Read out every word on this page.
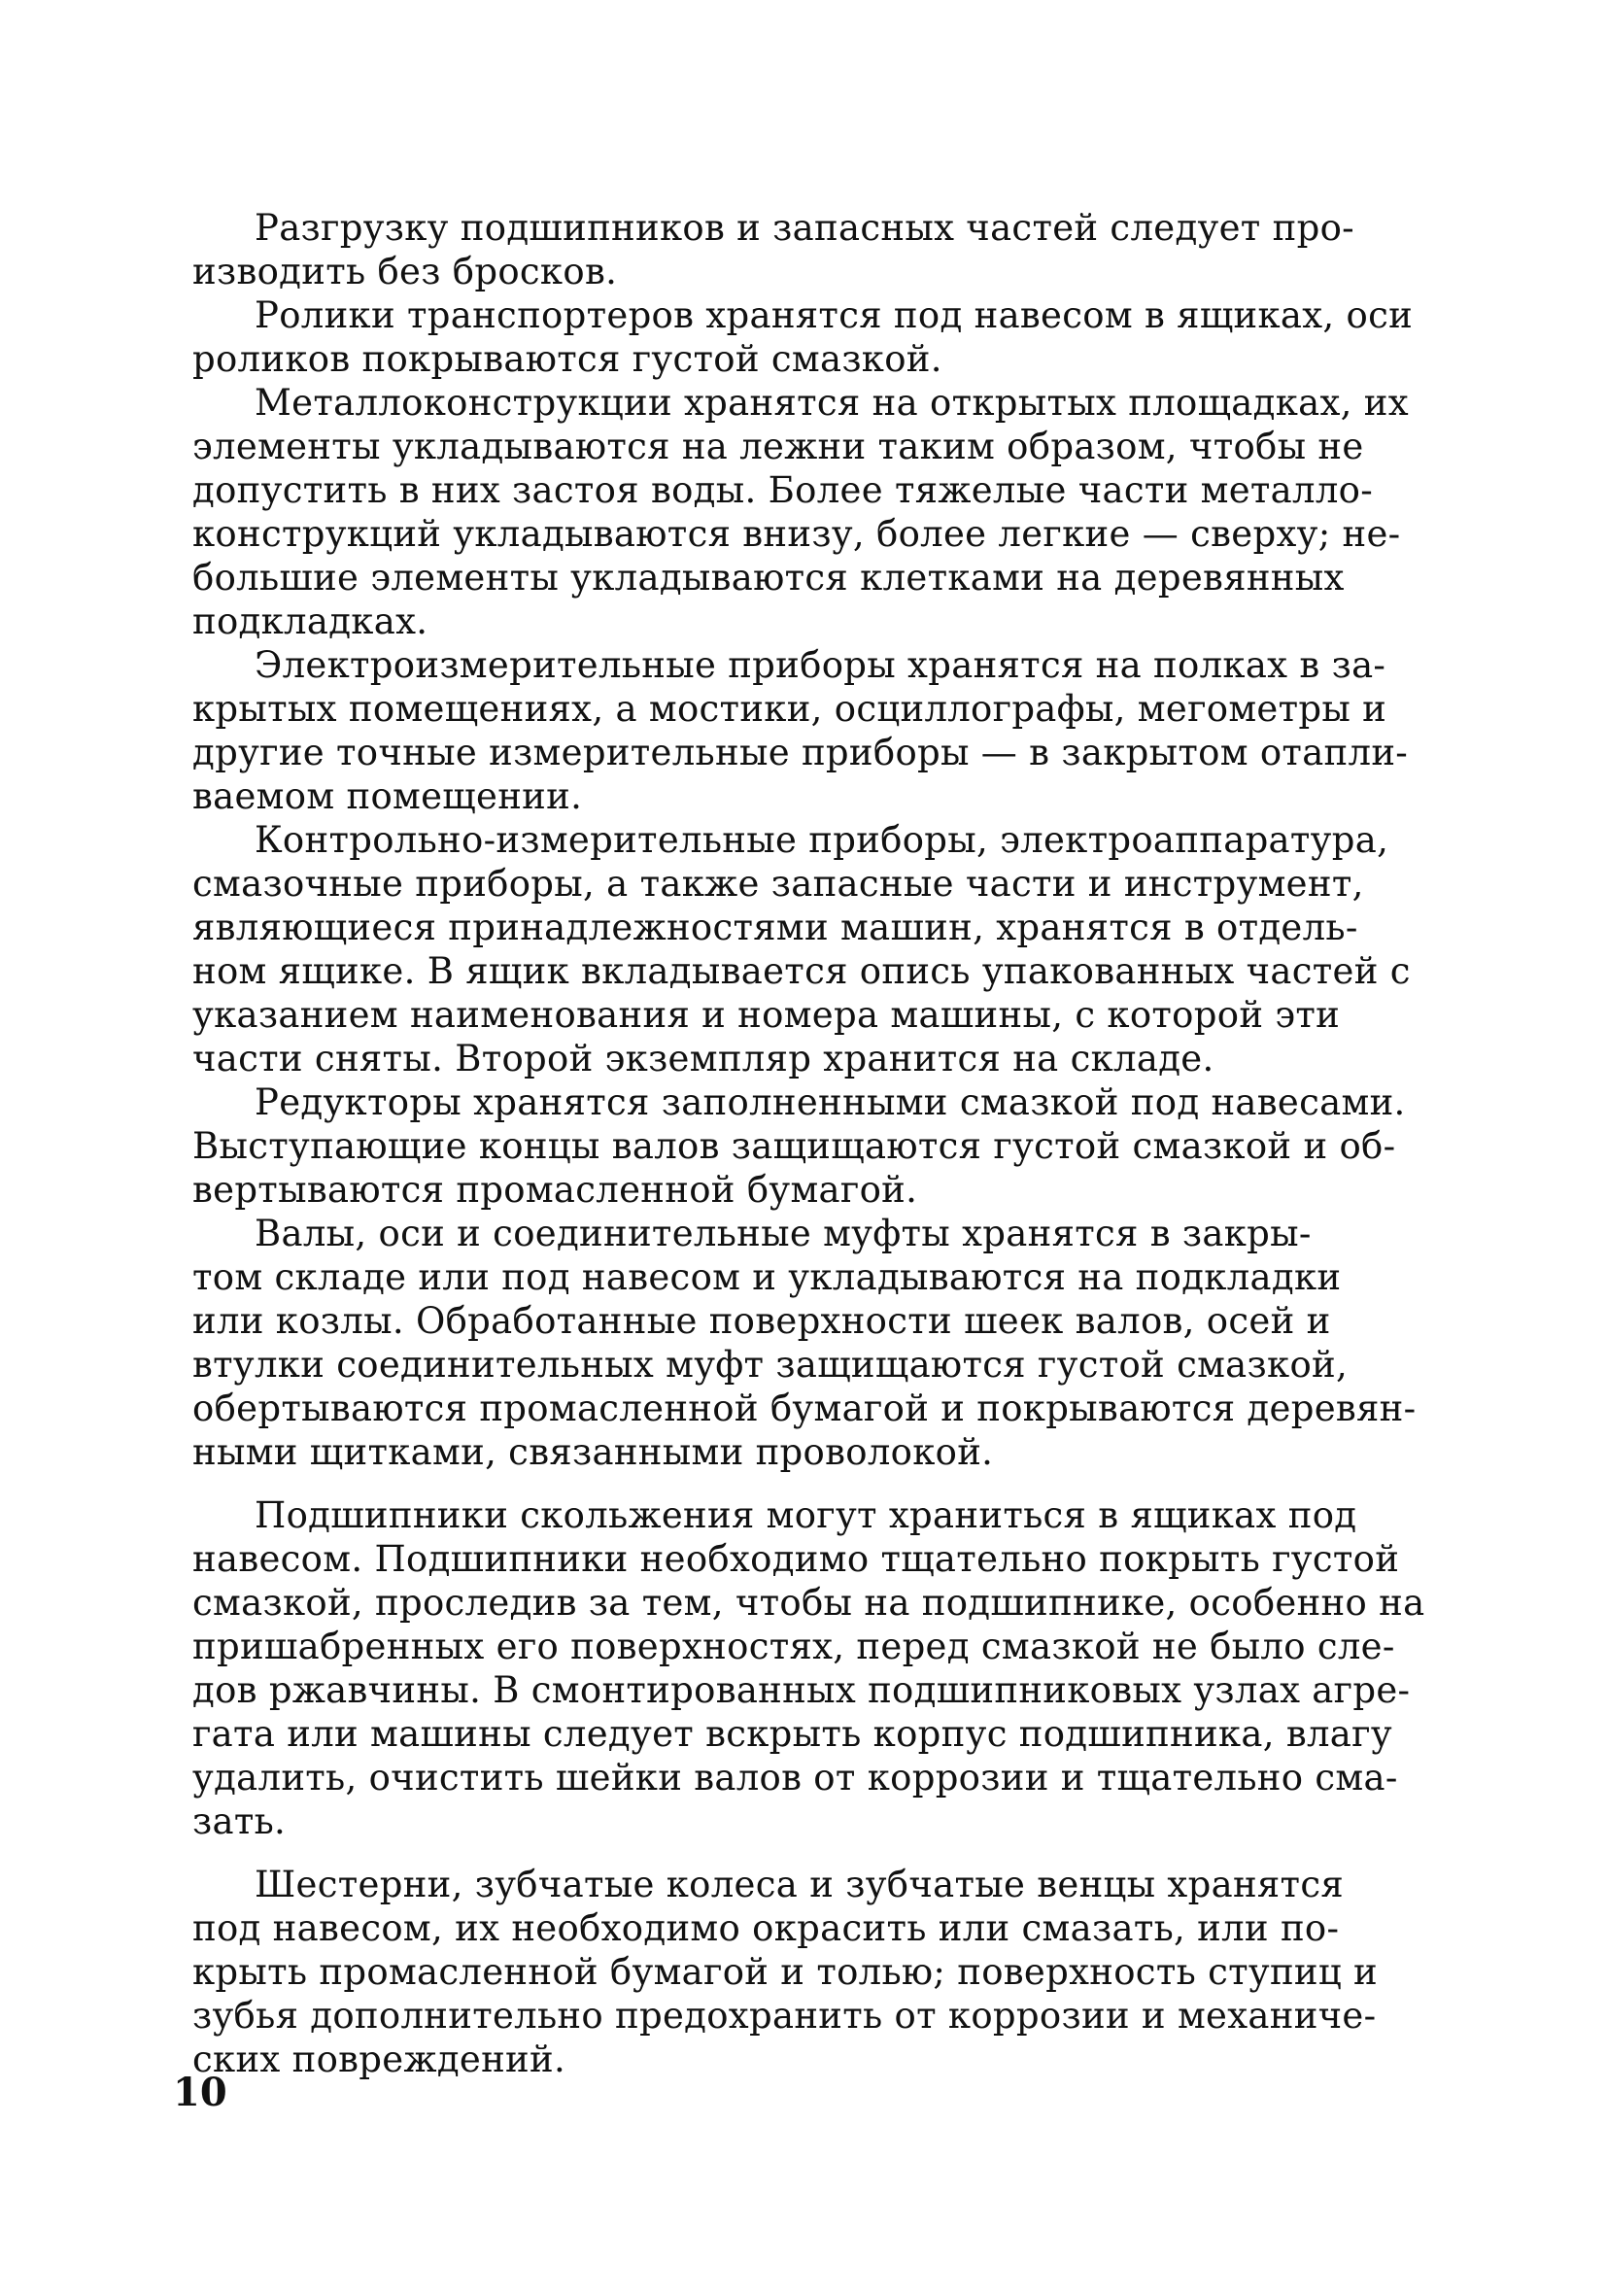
Разгрузку подшипников и запасных частей следует про-
изводить без бросков.

Ролики транспортеров хранятся под навесом в ящиках, оси
роликов покрываются густой смазкой.

Металлоконструкции хранятся на открытых площадках, их
элементы укладываются на лежни таким образом, чтобы не
допустить в них застоя воды. Более тяжелые части металло-
конструкций укладываются внизу, более легкие — сверху; не-
большие элементы укладываются клетками на деревянных
подкладках.

Электроизмерительные приборы хранятся на полках в за-
крытых помещениях, а мостики, осциллографы, мегометры и
другие точные измерительные приборы — в закрытом отапли-
ваемом помещении.

Контрольно-измерительные приборы, электроаппаратура,
смазочные приборы, а также запасные части и инструмент,
являющиеся принадлежностями машин, хранятся в отдель-
ном ящике. В ящик вкладывается опись упакованных частей с
указанием наименования и номера машины, с которой эти
части сняты. Второй экземпляр хранится на складе.

Редукторы хранятся заполненными смазкой под навесами.
Выступающие концы валов защищаются густой смазкой и об-
вертываются промасленной бумагой.

Валы, оси и соединительные муфты хранятся в закры-
том складе или под навесом и укладываются на подкладки
или козлы. Обработанные поверхности шеек валов, осей и
втулки соединительных муфт защищаются густой смазкой,
обертываются промасленной бумагой и покрываются деревян-
ными щитками, связанными проволокой.

Подшипники скольжения могут храниться в ящиках под
навесом. Подшипники необходимо тщательно покрыть густой
смазкой, проследив за тем, чтобы на подшипнике, особенно на
пришабренных его поверхностях, перед смазкой не было сле-
дов ржавчины. В смонтированных подшипниковых узлах агре-
гата или машины следует вскрыть корпус подшипника, влагу
удалить, очистить шейки валов от коррозии и тщательно сма-
зать.

Шестерни, зубчатые колеса и зубчатые венцы хранятся
под навесом, их необходимо окрасить или смазать, или по-
крыть промасленной бумагой и толью; поверхность ступиц и
зубья дополнительно предохранить от коррозии и механиче-
ских повреждений.

10
